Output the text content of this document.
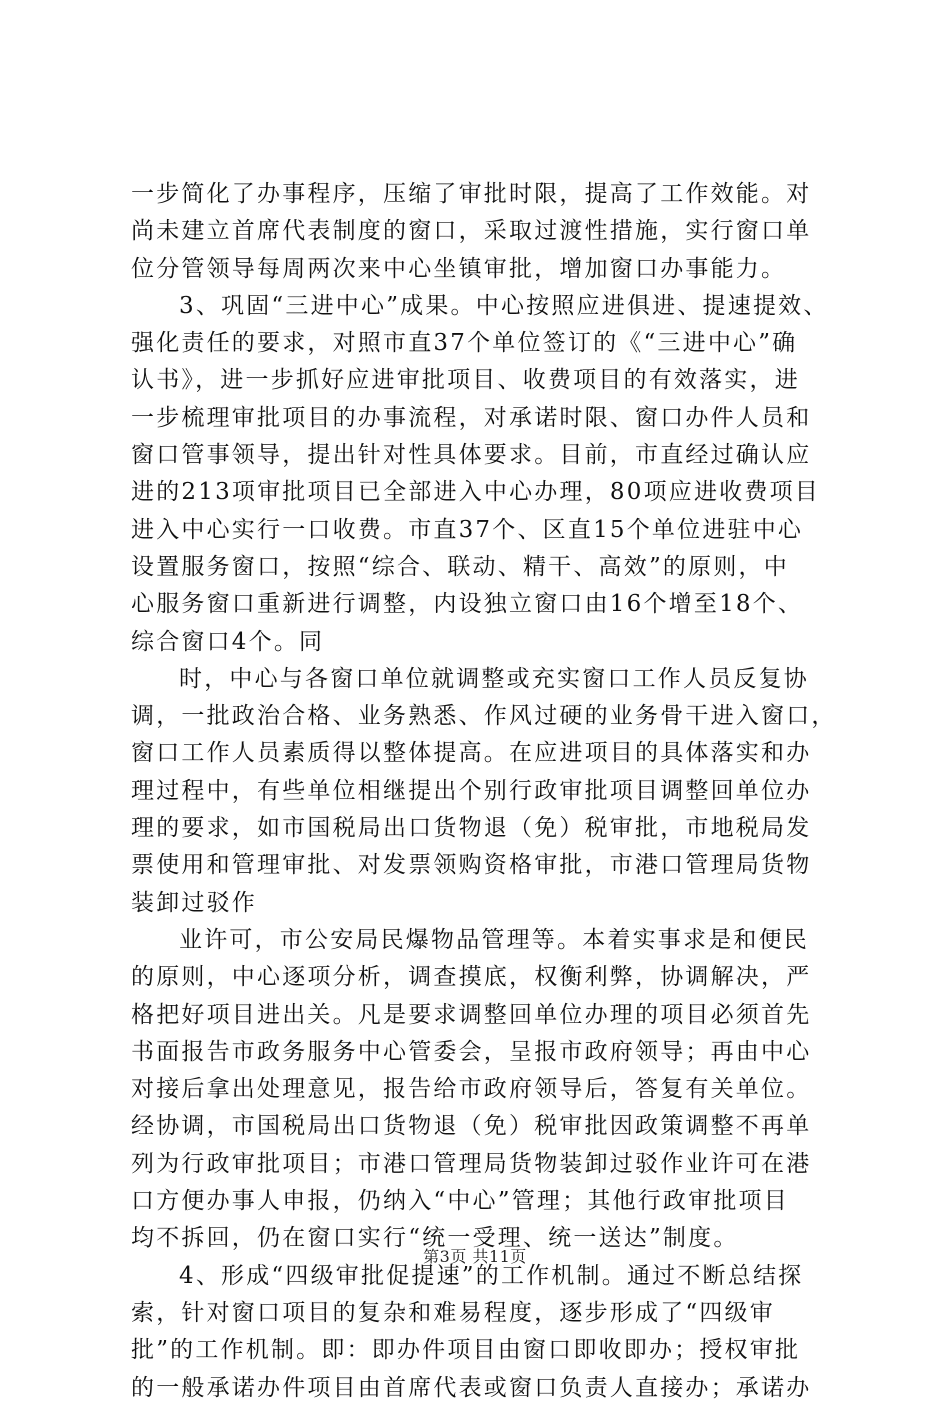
一步简化了办事程序，压缩了审批时限，提高了工作效能。对
尚未建立首席代表制度的窗口，采取过渡性措施，实行窗口单
位分管领导每周两次来中心坐镇审批，增加窗口办事能力。
3、巩固“三进中心”成果。中心按照应进俱进、提速提效、
强化责任的要求，对照市直37个单位签订的《“三进中心”确
认书》，进一步抓好应进审批项目、收费项目的有效落实，进
一步梳理审批项目的办事流程，对承诺时限、窗口办件人员和
窗口管事领导，提出针对性具体要求。目前，市直经过确认应
进的213项审批项目已全部进入中心办理，80项应进收费项目
进入中心实行一口收费。市直37个、区直15个单位进驻中心
设置服务窗口，按照“综合、联动、精干、高效”的原则，中
心服务窗口重新进行调整，内设独立窗口由16个增至18个、
综合窗口4个。同
时，中心与各窗口单位就调整或充实窗口工作人员反复协
调，一批政治合格、业务熟悉、作风过硬的业务骨干进入窗口，
窗口工作人员素质得以整体提高。在应进项目的具体落实和办
理过程中，有些单位相继提出个别行政审批项目调整回单位办
理的要求，如市国税局出口货物退（免）税审批，市地税局发
票使用和管理审批、对发票领购资格审批，市港口管理局货物
装卸过驳作
业许可，市公安局民爆物品管理等。本着实事求是和便民
的原则，中心逐项分析，调查摸底，权衡利弊，协调解决，严
格把好项目进出关。凡是要求调整回单位办理的项目必须首先
书面报告市政务服务中心管委会，呈报市政府领导；再由中心
对接后拿出处理意见，报告给市政府领导后，答复有关单位。
经协调，市国税局出口货物退（免）税审批因政策调整不再单
列为行政审批项目；市港口管理局货物装卸过驳作业许可在港
口方便办事人申报，仍纳入“中心”管理；其他行政审批项目
均不拆回，仍在窗口实行“统一受理、统一送达”制度。
4、形成“四级审批促提速”的工作机制。通过不断总结探
索，针对窗口项目的复杂和难易程度，逐步形成了“四级审
批”的工作机制。即：即办件项目由窗口即收即办；授权审批
的一般承诺办件项目由首席代表或窗口负责人直接办；承诺办
第3页 共11页
